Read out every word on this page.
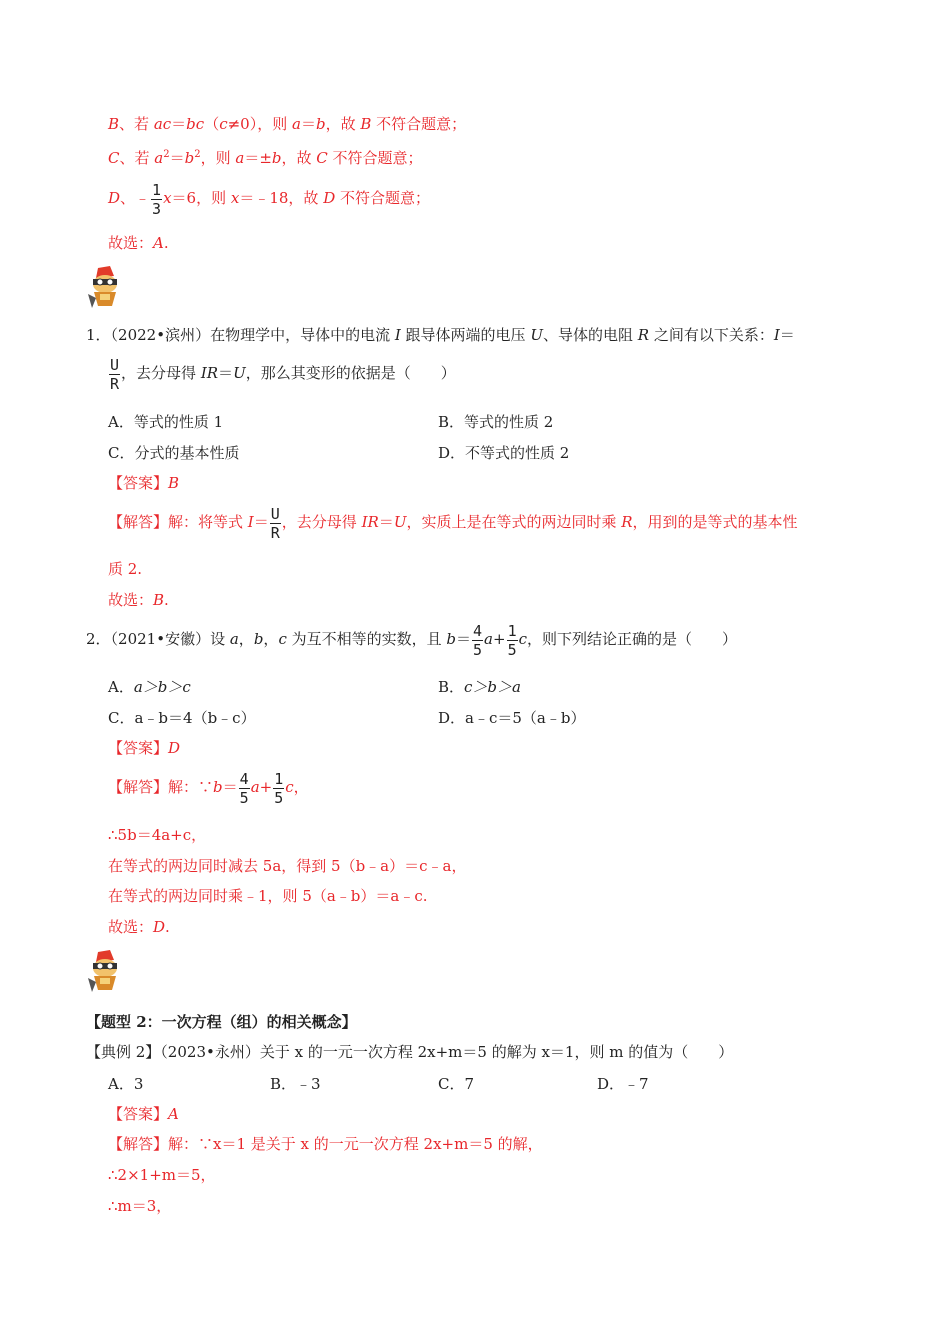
B、若 ac＝bc（c≠0），则 a＝b，故 B 不符合题意；
C、若 $a^2=b^2$，则 a＝±b，故 C 不符合题意；
D、﹣ $\frac{1}{3} x=6$，则 x＝﹣18，故 D 不符合题意；
故选：A.
1．（2022•滨州）在物理学中，导体中的电流 I 跟导体两端的电压 U、导体的电阻 R 之间有以下关系：I＝
$\frac{U}{R}$ ，去分母得 IR＝U，那么其变形的依据是（　　）
A．等式的性质 1	B．等式的性质 2
C．分式的基本性质	D．不等式的性质 2
【答案】B
【解答】解：将等式 $I= \frac{U}{R}$ ，去分母得 IR＝U，实质上是在等式的两边同时乘 R，用到的是等式的基本性
质 2.
故选：B.
2．（2021•安徽）设 a，b，c 为互不相等的实数，且 $b= \frac{4}{5} a+ \frac{1}{5}$ c，则下列结论正确的是（　　）
A．a＞b＞c	B．c＞b＞a
C．a﹣b＝4（b﹣c）	D．a﹣c＝5（a﹣b）
【答案】D
【解答】解：∵b＝ $\frac{4}{5} a+ \frac{1}{5}$ c，
∴5b＝4a+c，
在等式的两边同时减去 5a，得到 5（b﹣a）＝c﹣a，
在等式的两边同时乘﹣1，则 5（a﹣b）＝a﹣c.
故选：D.
【题型 2：一次方程（组）的相关概念】
【典例 2】（2023•永州）关于 x 的一元一次方程 2x+m＝5 的解为 x＝1，则 m 的值为（　　）
A．3	B．﹣3	C．7	D．﹣7
【答案】A
【解答】解：∵x＝1 是关于 x 的一元一次方程 2x+m＝5 的解，
∴2×1+m＝5，
∴m＝3，
